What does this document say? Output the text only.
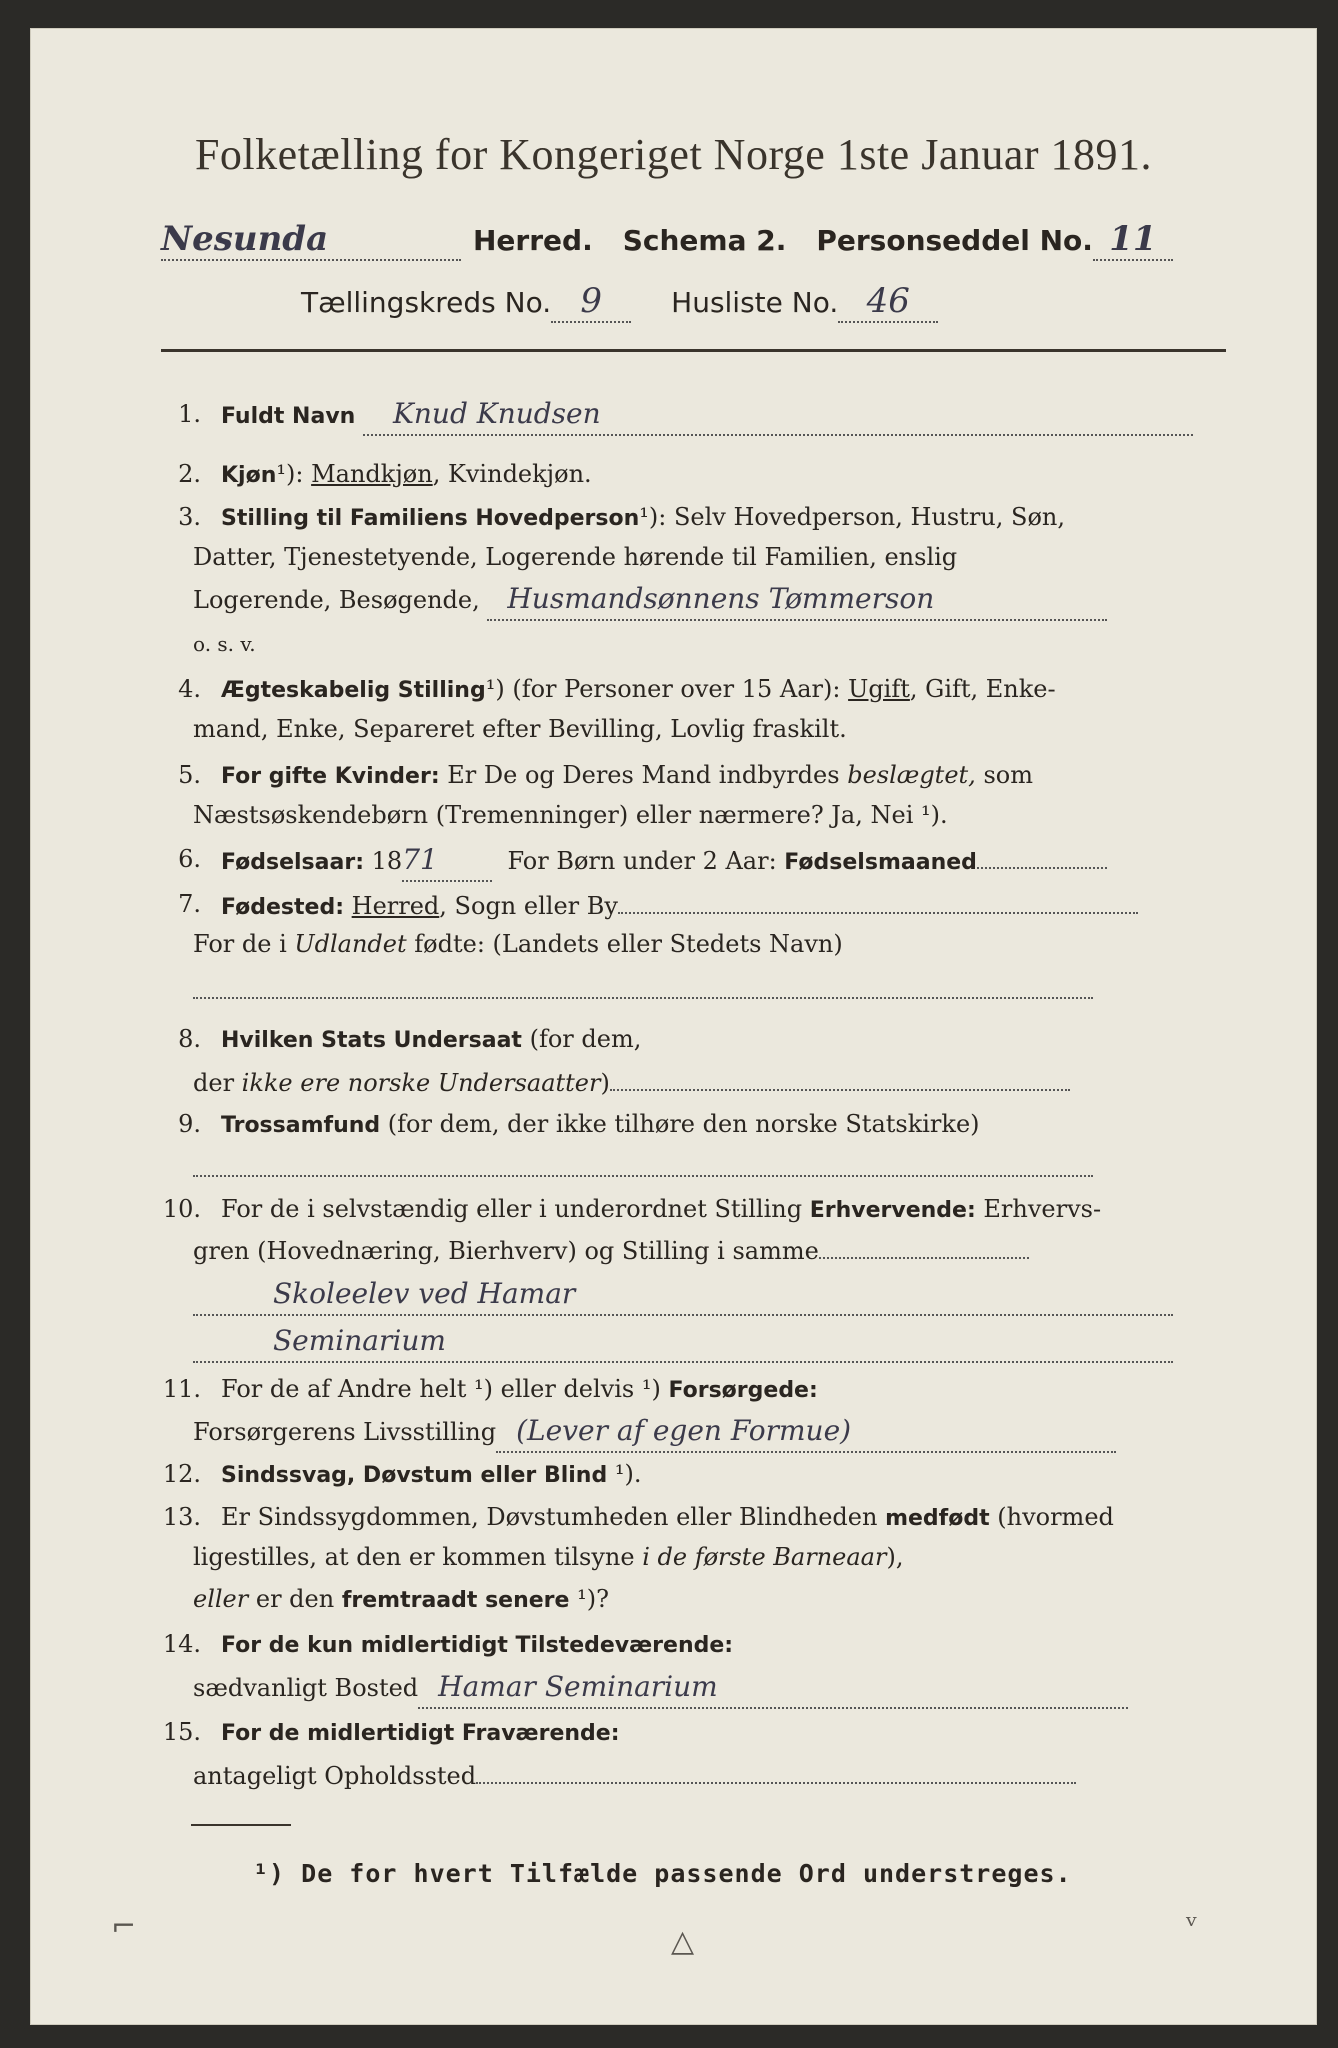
Folketælling for Kongeriget Norge 1ste Januar 1891.
Nesunda	Herred. Schema 2. Personseddel No. 11
Tællingskreds No. 9	Husliste No. 46
1. Fuldt Navn Knud Knudsen
2. Kjøn¹): Mandkjøn, Kvindekjøn.
3. Stilling til Familiens Hovedperson¹): Selv Hovedperson, Hustru, Søn,
Datter, Tjenestetyende, Logerende hørende til Familien, enslig
Logerende, Besøgende, Husmandsønnens Tømmerson
o. s. v.
4. Ægteskabelig Stilling¹) (for Personer over 15 Aar): Ugift, Gift, Enke-
mand, Enke, Separeret efter Bevilling, Lovlig fraskilt.
5. For gifte Kvinder: Er De og Deres Mand indbyrdes beslægtet, som
Næstsøskendebørn (Tremenninger) eller nærmere? Ja, Nei ¹).
6. Fødselsaar: 1871	For Børn under 2 Aar: Fødselsmaaned
7. Fødested: Herred, Sogn eller By
For de i Udlandet fødte: (Landets eller Stedets Navn)
8. Hvilken Stats Undersaat (for dem,
der ikke ere norske Undersaatter)
9. Trossamfund (for dem, der ikke tilhøre den norske Statskirke)
10. For de i selvstændig eller i underordnet Stilling Erhvervende: Erhvervs-
gren (Hovednæring, Bierhverv) og Stilling i samme
Skoleelev ved Hamar
Seminarium
11. For de af Andre helt ¹) eller delvis ¹) Forsørgede:
Forsørgerens Livsstilling (Lever af egen Formue)
12. Sindssvag, Døvstum eller Blind ¹).
13. Er Sindssygdommen, Døvstumheden eller Blindheden medfødt (hvormed
ligestilles, at den er kommen tilsyne i de første Barneaar),
eller er den fremtraadt senere ¹)?
14. For de kun midlertidigt Tilstedeværende:
sædvanligt Bosted Hamar Seminarium
15. For de midlertidigt Fraværende:
antageligt Opholdssted
¹) De for hvert Tilfælde passende Ord understreges.
⌐	△	ᵛ
